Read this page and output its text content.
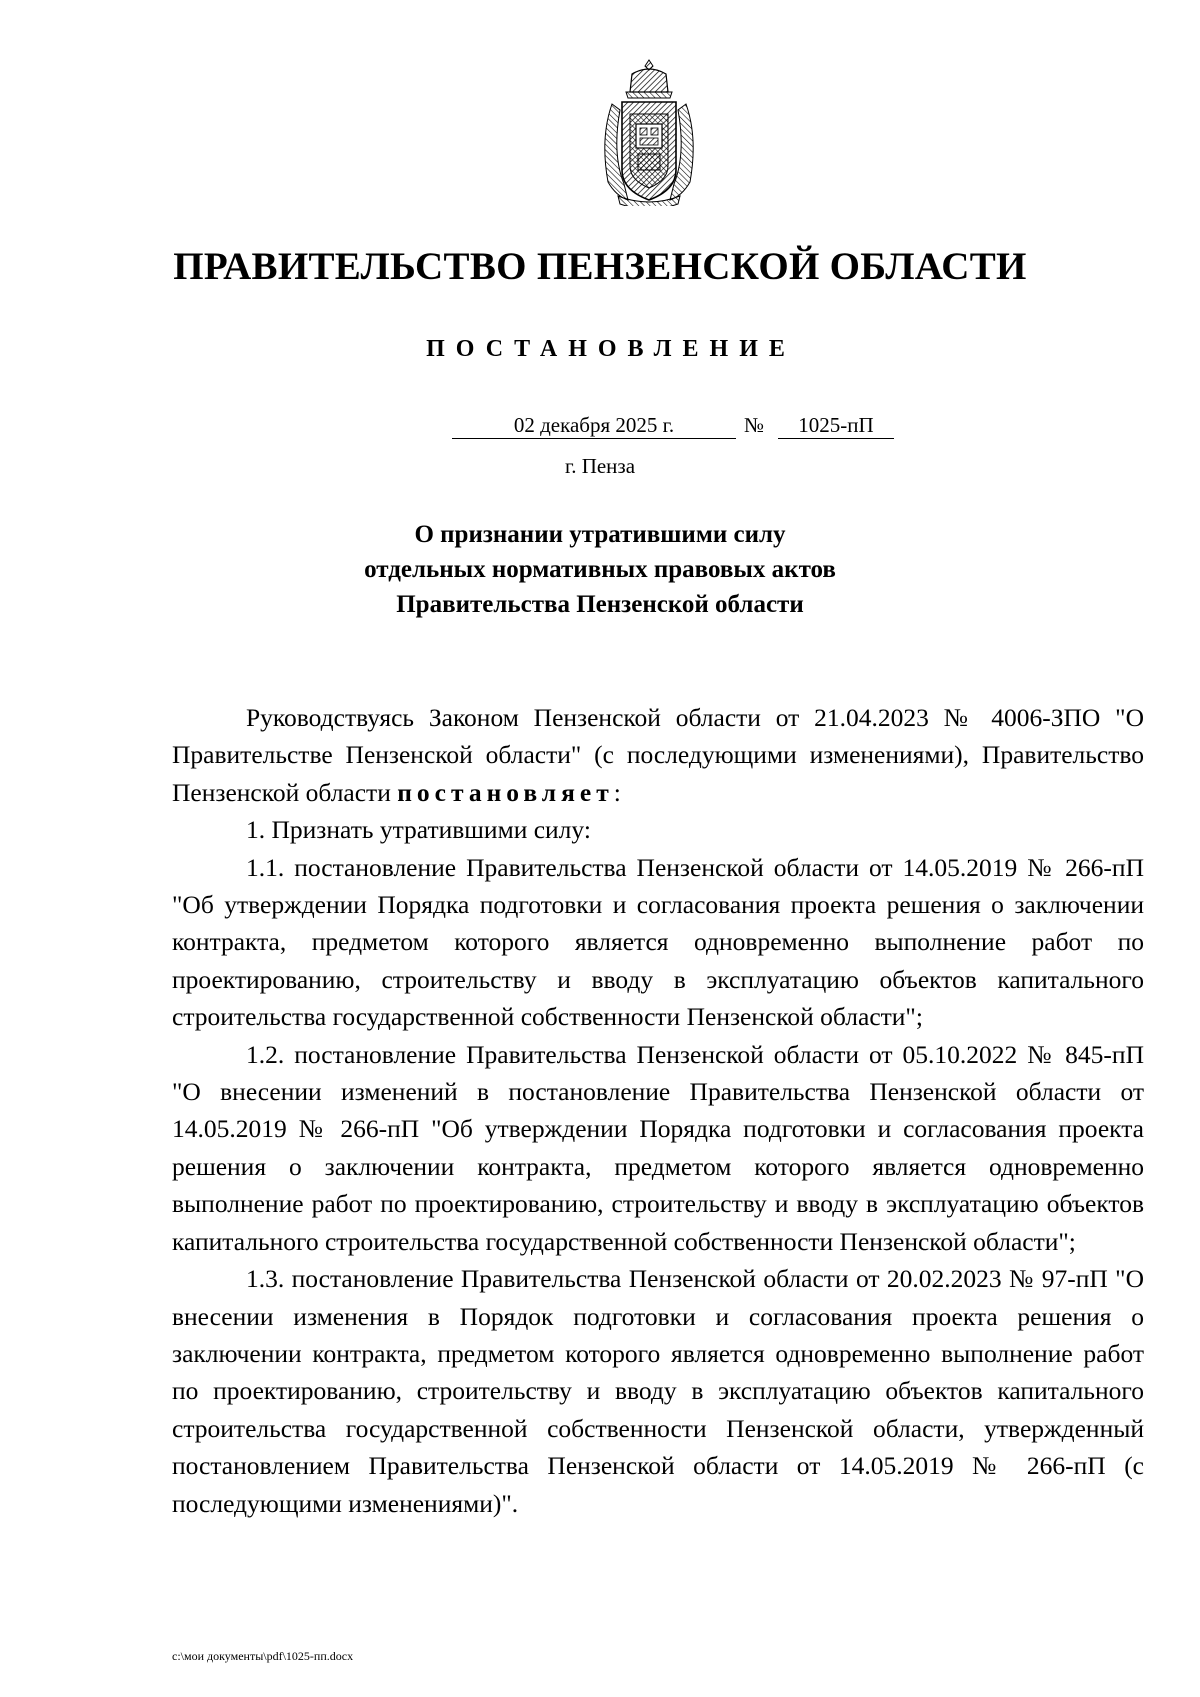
ПРАВИТЕЛЬСТВО ПЕНЗЕНСКОЙ ОБЛАСТИ
ПОСТАНОВЛЕНИЕ
02 декабря 2025 г.	№	1025-пП
г. Пенза
О признании утратившими силу
отдельных нормативных правовых актов
Правительства Пензенской области

Руководствуясь Законом Пензенской области от 21.04.2023 № 4006-ЗПО "О Правительстве Пензенской области" (с последующими изменениями), Правительство Пензенской области постановляет:

1. Признать утратившими силу:

1.1. постановление Правительства Пензенской области от 14.05.2019 № 266-пП "Об утверждении Порядка подготовки и согласования проекта решения о заключении контракта, предметом которого является одновременно выполнение работ по проектированию, строительству и вводу в эксплуатацию объектов капитального строительства государственной собственности Пензенской области";

1.2. постановление Правительства Пензенской области от 05.10.2022 № 845-пП "О внесении изменений в постановление Правительства Пензенской области от 14.05.2019 № 266-пП "Об утверждении Порядка подготовки и согласования проекта решения о заключении контракта, предметом которого является одновременно выполнение работ по проектированию, строительству и вводу в эксплуатацию объектов капитального строительства государственной собственности Пензенской области";

1.3. постановление Правительства Пензенской области от 20.02.2023 № 97-пП "О внесении изменения в Порядок подготовки и согласования проекта решения о заключении контракта, предметом которого является одновременно выполнение работ по проектированию, строительству и вводу в эксплуатацию объектов капитального строительства государственной собственности Пензенской области, утвержденный постановлением Правительства Пензенской области от 14.05.2019 № 266-пП (с последующими изменениями)".

c:\мои документы\pdf\1025-пп.docx
